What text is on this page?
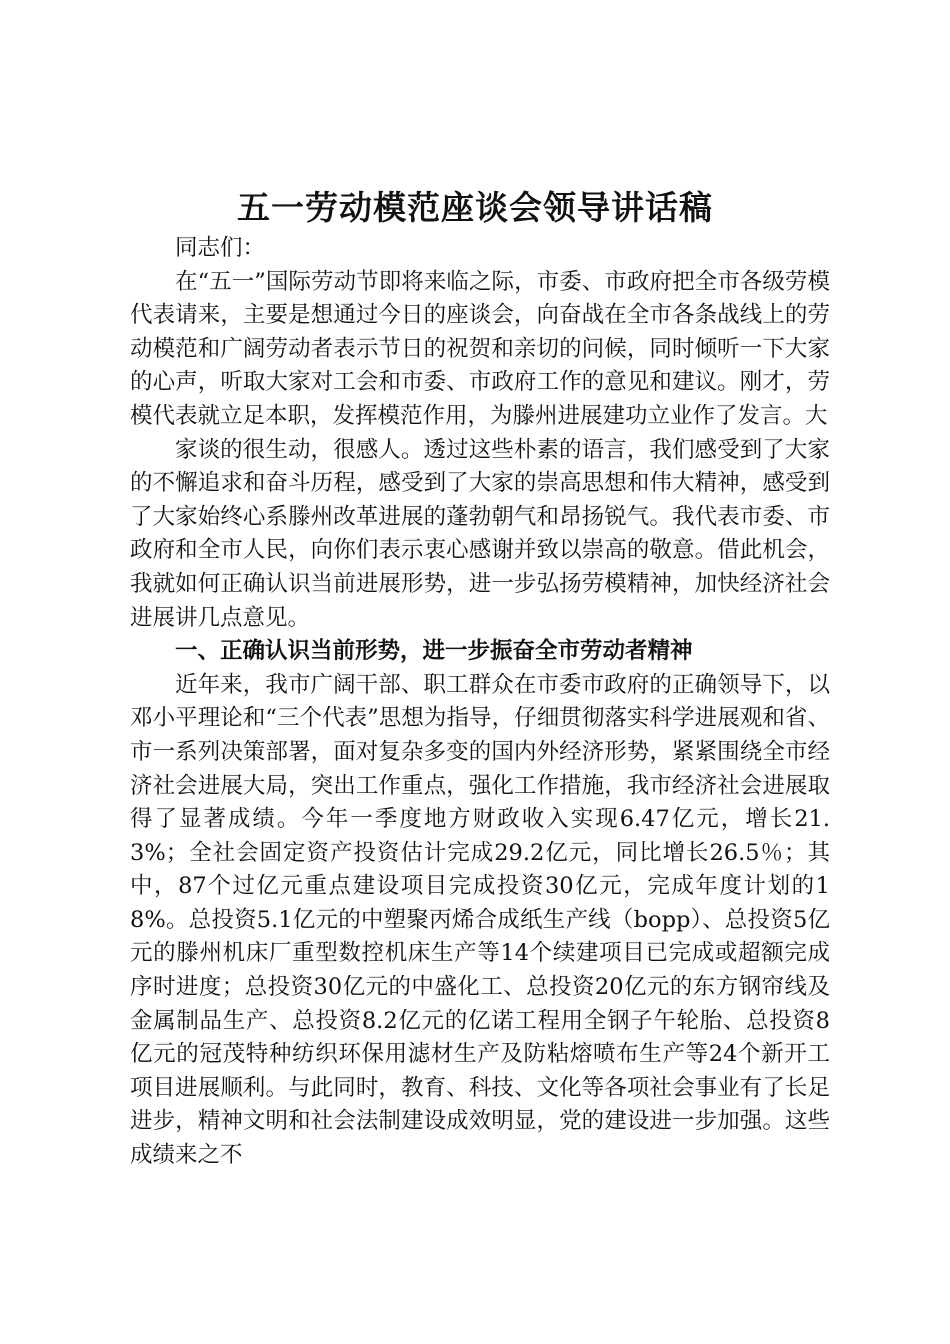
五一劳动模范座谈会领导讲话稿

同志们：

在“五一”国际劳动节即将来临之际，市委、市政府把全市各级劳模代表请来，主要是想通过今日的座谈会，向奋战在全市各条战线上的劳动模范和广阔劳动者表示节日的祝贺和亲切的问候，同时倾听一下大家的心声，听取大家对工会和市委、市政府工作的意见和建议。刚才，劳模代表就立足本职，发挥模范作用，为滕州进展建功立业作了发言。大

家谈的很生动，很感人。透过这些朴素的语言，我们感受到了大家的不懈追求和奋斗历程，感受到了大家的崇高思想和伟大精神，感受到了大家始终心系滕州改革进展的蓬勃朝气和昂扬锐气。我代表市委、市政府和全市人民，向你们表示衷心感谢并致以崇高的敬意。借此机会，我就如何正确认识当前进展形势，进一步弘扬劳模精神，加快经济社会进展讲几点意见。

一、正确认识当前形势，进一步振奋全市劳动者精神

近年来，我市广阔干部、职工群众在市委市政府的正确领导下，以邓小平理论和“三个代表”思想为指导，仔细贯彻落实科学进展观和省、市一系列决策部署，面对复杂多变的国内外经济形势，紧紧围绕全市经济社会进展大局，突出工作重点，强化工作措施，我市经济社会进展取得了显著成绩。今年一季度地方财政收入实现6.47亿元，增长21.3%；全社会固定资产投资估计完成29.2亿元，同比增长26.5％；其中，87个过亿元重点建设项目完成投资30亿元，完成年度计划的18%。总投资5.1亿元的中塑聚丙烯合成纸生产线（bopp）、总投资5亿元的滕州机床厂重型数控机床生产等14个续建项目已完成或超额完成序时进度；总投资30亿元的中盛化工、总投资20亿元的东方钢帘线及金属制品生产、总投资8.2亿元的亿诺工程用全钢子午轮胎、总投资8亿元的冠茂特种纺织环保用滤材生产及防粘熔喷布生产等24个新开工项目进展顺利。与此同时，教育、科技、文化等各项社会事业有了长足进步，精神文明和社会法制建设成效明显，党的建设进一步加强。这些成绩来之不
